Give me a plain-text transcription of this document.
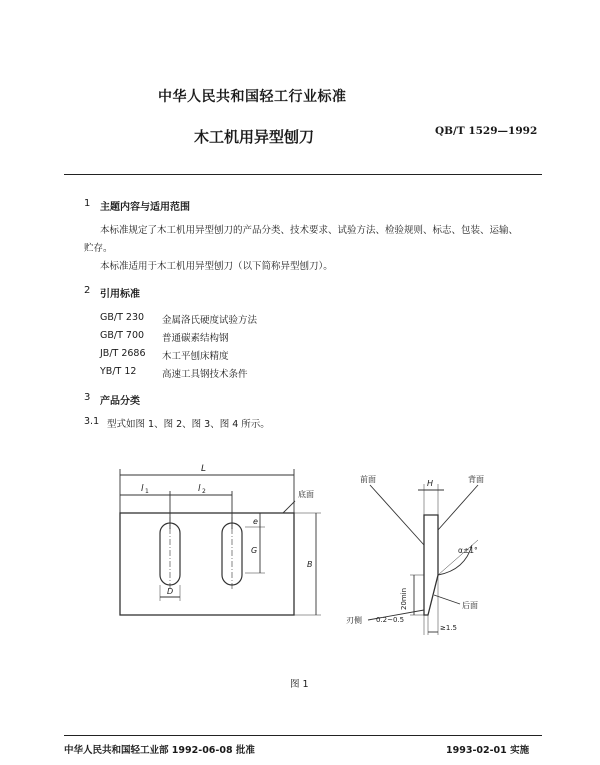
中华人民共和国轻工行业标准
木工机用异型刨刀	QB/T 1529—1992
1 主题内容与适用范围
本标准规定了木工机用异型刨刀的产品分类、技术要求、试验方法、检验规则、标志、包装、运输、
贮存。
本标准适用于木工机用异型刨刀（以下简称异型刨刀）。
2 引用标准
GB/T 230 金属洛氏硬度试验方法
GB/T 700 普通碳素结构钢
JB/T 2686 木工平刨床精度
YB/T 12	高速工具钢技术条件
3 产品分类
3.1 型式如图 1、图 2、图 3、图 4 所示。
L
l 1	l 2	底面
e
G
B
D
前面	H	背面
α±1°
20min	后面
刃侧 0.2~0.5
≥1.5
图 1
中华人民共和国轻工业部 1992-06-08 批准	1993-02-01 实施
